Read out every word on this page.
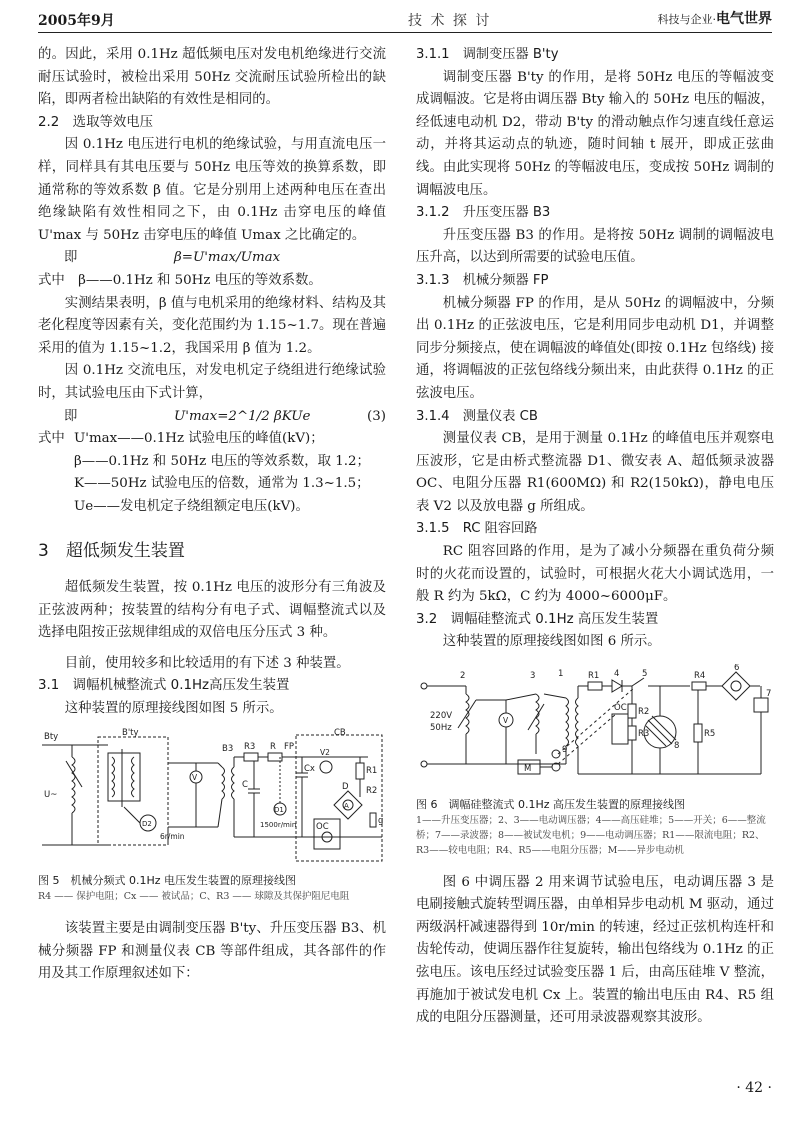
2005年9月	技 术 探 讨	科技与企业·电气世界

的。因此，采用 0.1Hz 超低频电压对发电机绝缘进行交流耐压试验时，被检出采用 50Hz 交流耐压试验所检出的缺陷，即两者检出缺陷的有效性是相同的。

2.2　选取等效电压

因 0.1Hz 电压进行电机的绝缘试验，与用直流电压一样，同样具有其电压要与 50Hz 电压等效的换算系数，即通常称的等效系数 β 值。它是分别用上述两种电压在查出绝缘缺陷有效性相同之下，由 0.1Hz 击穿电压的峰值 U'max 与 50Hz 击穿电压的峰值 Umax 之比确定的。

即	β=U'max/Umax

式中　β——0.1Hz 和 50Hz 电压的等效系数。

实测结果表明，β 值与电机采用的绝缘材料、结构及其老化程度等因素有关，变化范围约为 1.15~1.7。现在普遍采用的值为 1.15~1.2，我国采用 β 值为 1.2。

因 0.1Hz 交流电压，对发电机定子绕组进行绝缘试验时，其试验电压由下式计算，

即	U'max=2^1/2 βKUe	(3)

式中 U'max——0.1Hz 试验电压的峰值(kV)；

β——0.1Hz 和 50Hz 电压的等效系数，取 1.2；

K——50Hz 试验电压的倍数，通常为 1.3~1.5；

Ue——发电机定子绕组额定电压(kV)。

3　超低频发生装置

超低频发生装置，按 0.1Hz 电压的波形分有三角波及正弦波两种；按装置的结构分有电子式、调幅整流式以及选择电阻按正弦规律组成的双倍电压分压式 3 种。

目前，使用较多和比较适用的有下述 3 种装置。

3.1　调幅机械整流式 0.1Hz高压发生装置

这种装置的原理接线图如图 5 所示。

Bty	B'ty
U~
B3 R3 R FP
CB
C
D1
1500r/min
Cx
V
V2
R1
R2
D
A
OC
g
D2
6r/min

图 5　机械分频式 0.1Hz 电压发生装置的原理接线图

R4 —— 保护电阻；Cx —— 被试品；C、R3 —— 球隙及其保护阻尼电阻

该装置主要是由调制变压器 B'ty、升压变压器 B3、机械分频器 FP 和测量仪表 CB 等部件组成，其各部件的作用及其工作原理叙述如下：

3.1.1　调制变压器 B'ty

调制变压器 B'ty 的作用，是将 50Hz 电压的等幅波变成调幅波。它是将由调压器 Bty 输入的 50Hz 电压的幅波，经低速电动机 D2，带动 B'ty 的滑动触点作匀速直线任意运动，并将其运动点的轨迹，随时间轴 t 展开，即成正弦曲线。由此实现将 50Hz 的等幅波电压，变成按 50Hz 调制的调幅波电压。

3.1.2　升压变压器 B3

升压变压器 B3 的作用。是将按 50Hz 调制的调幅波电压升高，以达到所需要的试验电压值。

3.1.3　机械分频器 FP

机械分频器 FP 的作用，是从 50Hz 的调幅波中，分频出 0.1Hz 的正弦波电压，它是利用同步电动机 D1，并调整同步分频接点，使在调幅波的峰值处(即按 0.1Hz 包络线) 接通，将调幅波的正弦包络线分频出来，由此获得 0.1Hz 的正弦波电压。

3.1.4　测量仪表 CB

测量仪表 CB，是用于测量 0.1Hz 的峰值电压并观察电压波形，它是由桥式整流器 D1、微安表 A、超低频录波器 OC、电阻分压器 R1(600MΩ) 和 R2(150kΩ)，静电电压表 V2 以及放电器 g 所组成。

3.1.5　RC 阻容回路

RC 阻容回路的作用，是为了减小分频器在重负荷分频时的火花而设置的，试验时，可根据火花大小调试选用，一般 R 约为 5kΩ，C 约为 4000~6000μF。

3.2　调幅硅整流式 0.1Hz 高压发生装置

这种装置的原理接线图如图 6 所示。

1
2	3	4	5
6
7
8
9
220V
50Hz
V
R1
R2
R3
R4
R5
OC
M

图 6　调幅硅整流式 0.1Hz 高压发生装置的原理接线图

1——升压变压器；2、3——电动调压器；4——高压硅堆；5——开关；6——整流桥；7——录波器；8——被试发电机；9——电动调压器；R1——限流电阻；R2、R3——较电电阻；R4、R5——电阻分压器；M——异步电动机

图 6 中调压器 2 用来调节试验电压，电动调压器 3 是电刷接触式旋转型调压器，由单相异步电动机 M 驱动，通过两级涡杆减速器得到 10r/min 的转速，经过正弦机构连杆和齿轮传动，使调压器作往复旋转，输出包络线为 0.1Hz 的正弦电压。该电压经过试验变压器 1 后，由高压硅堆 V 整流，再施加于被试发电机 Cx 上。装置的输出电压由 R4、R5 组成的电阻分压器测量，还可用录波器观察其波形。

· 42 ·
